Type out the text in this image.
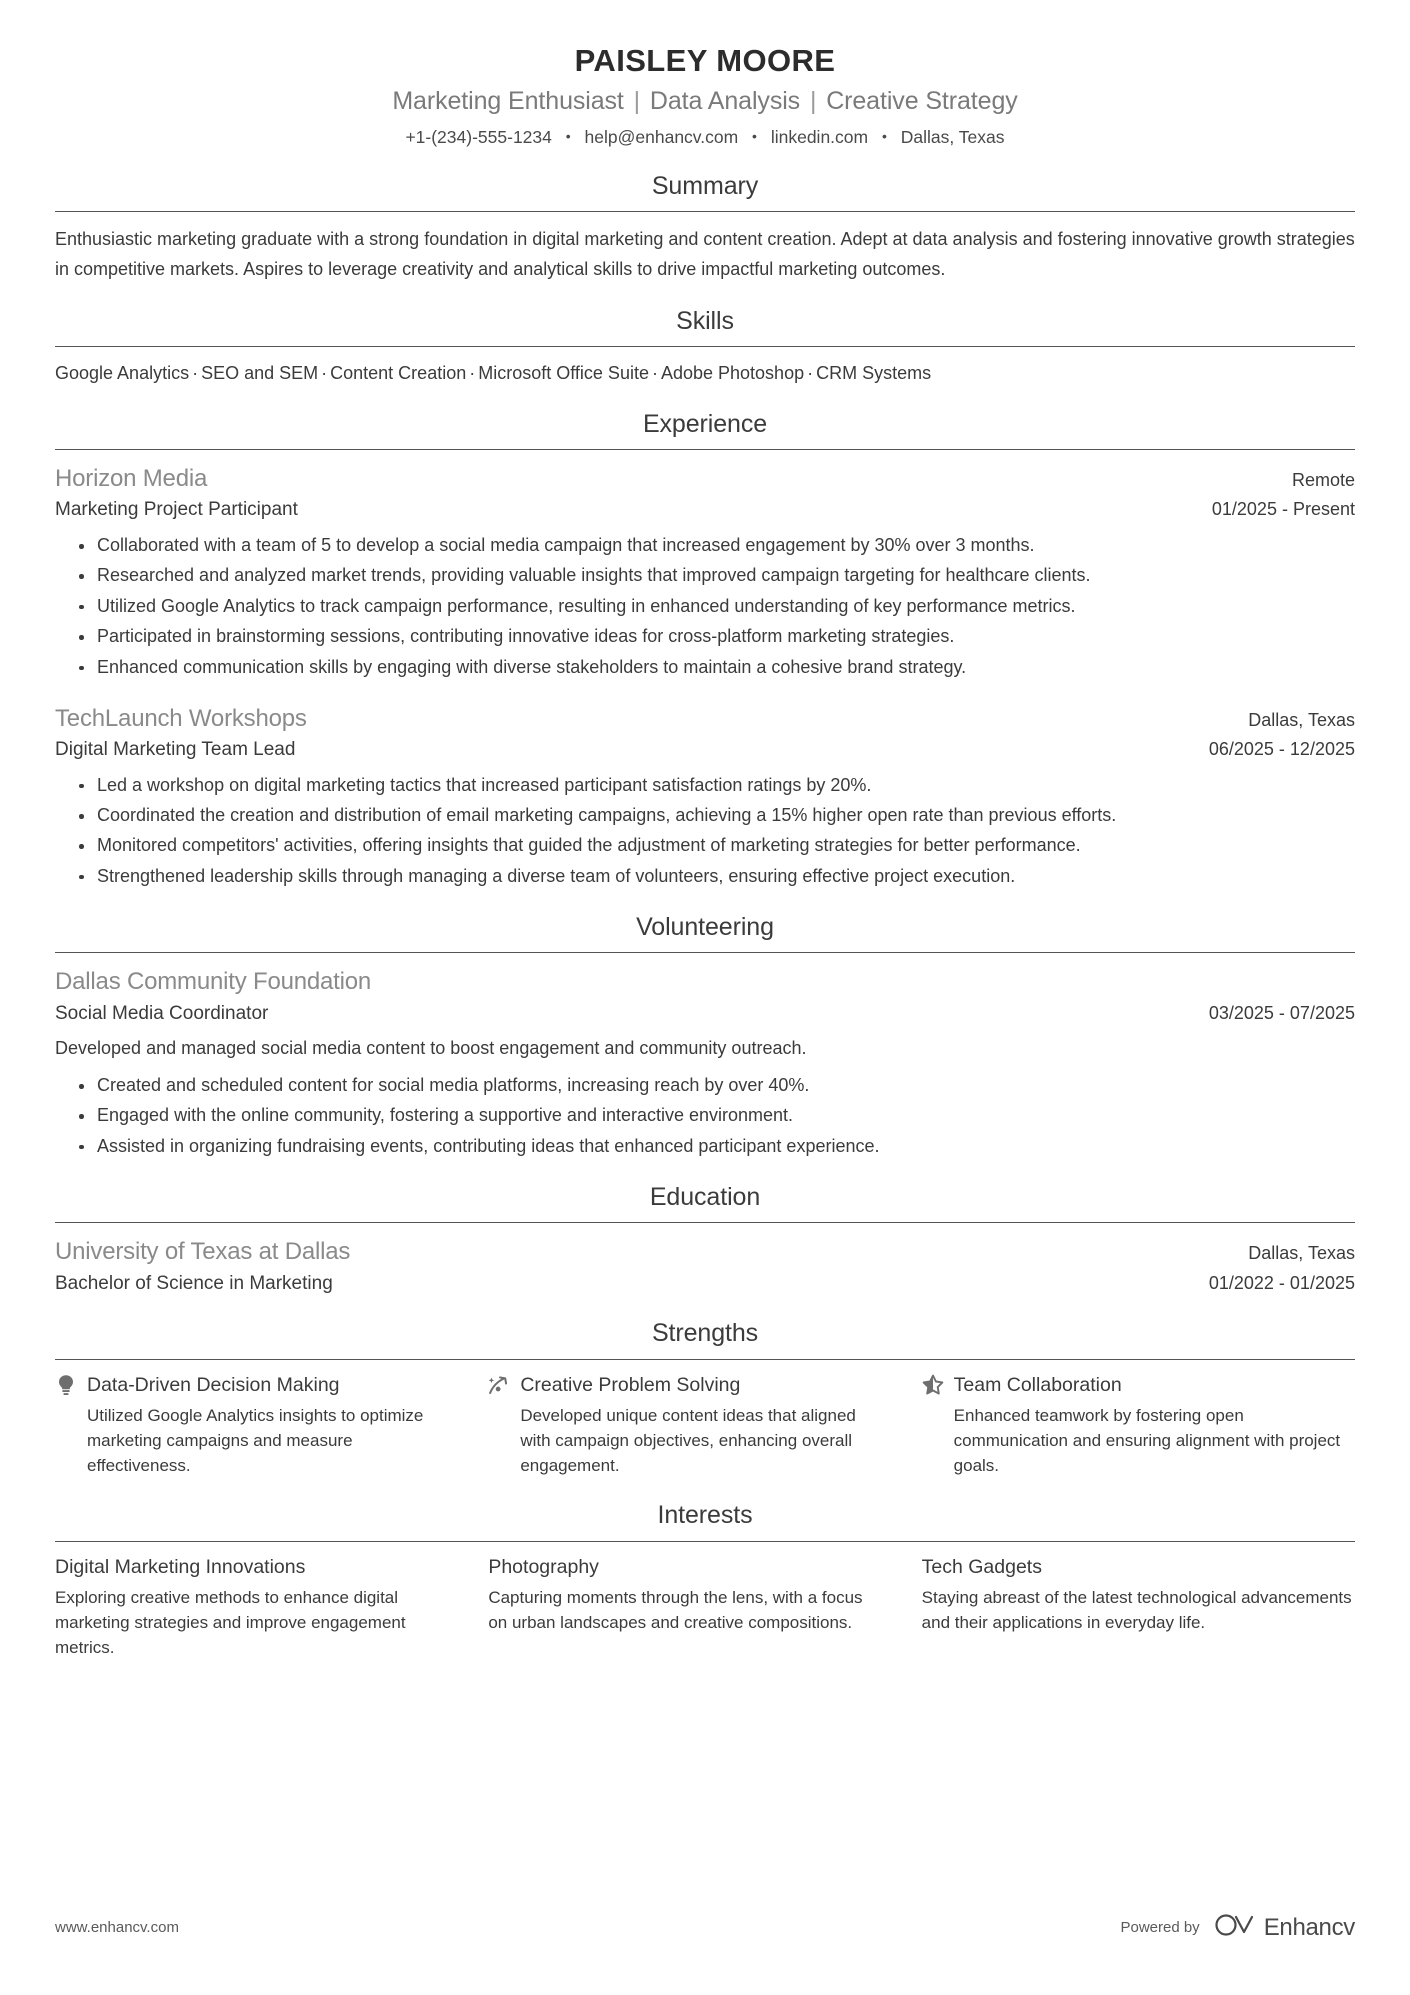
PAISLEY MOORE
Marketing Enthusiast | Data Analysis | Creative Strategy
+1-(234)-555-1234 • help@enhancv.com • linkedin.com • Dallas, Texas
Summary
Enthusiastic marketing graduate with a strong foundation in digital marketing and content creation. Adept at data analysis and fostering innovative growth strategies in competitive markets. Aspires to leverage creativity and analytical skills to drive impactful marketing outcomes.
Skills
Google Analytics · SEO and SEM · Content Creation · Microsoft Office Suite · Adobe Photoshop · CRM Systems
Experience
Horizon Media	Remote
Marketing Project Participant	01/2025 - Present
Collaborated with a team of 5 to develop a social media campaign that increased engagement by 30% over 3 months.
Researched and analyzed market trends, providing valuable insights that improved campaign targeting for healthcare clients.
Utilized Google Analytics to track campaign performance, resulting in enhanced understanding of key performance metrics.
Participated in brainstorming sessions, contributing innovative ideas for cross-platform marketing strategies.
Enhanced communication skills by engaging with diverse stakeholders to maintain a cohesive brand strategy.
TechLaunch Workshops	Dallas, Texas
Digital Marketing Team Lead	06/2025 - 12/2025
Led a workshop on digital marketing tactics that increased participant satisfaction ratings by 20%.
Coordinated the creation and distribution of email marketing campaigns, achieving a 15% higher open rate than previous efforts.
Monitored competitors' activities, offering insights that guided the adjustment of marketing strategies for better performance.
Strengthened leadership skills through managing a diverse team of volunteers, ensuring effective project execution.
Volunteering
Dallas Community Foundation
Social Media Coordinator	03/2025 - 07/2025
Developed and managed social media content to boost engagement and community outreach.
Created and scheduled content for social media platforms, increasing reach by over 40%.
Engaged with the online community, fostering a supportive and interactive environment.
Assisted in organizing fundraising events, contributing ideas that enhanced participant experience.
Education
University of Texas at Dallas	Dallas, Texas
Bachelor of Science in Marketing	01/2022 - 01/2025
Strengths
Data-Driven Decision Making
Utilized Google Analytics insights to optimize marketing campaigns and measure effectiveness.
Creative Problem Solving
Developed unique content ideas that aligned with campaign objectives, enhancing overall engagement.
Team Collaboration
Enhanced teamwork by fostering open communication and ensuring alignment with project goals.
Interests
Digital Marketing Innovations
Exploring creative methods to enhance digital marketing strategies and improve engagement metrics.
Photography
Capturing moments through the lens, with a focus on urban landscapes and creative compositions.
Tech Gadgets
Staying abreast of the latest technological advancements and their applications in everyday life.
www.enhancv.com	Powered by	Enhancv
